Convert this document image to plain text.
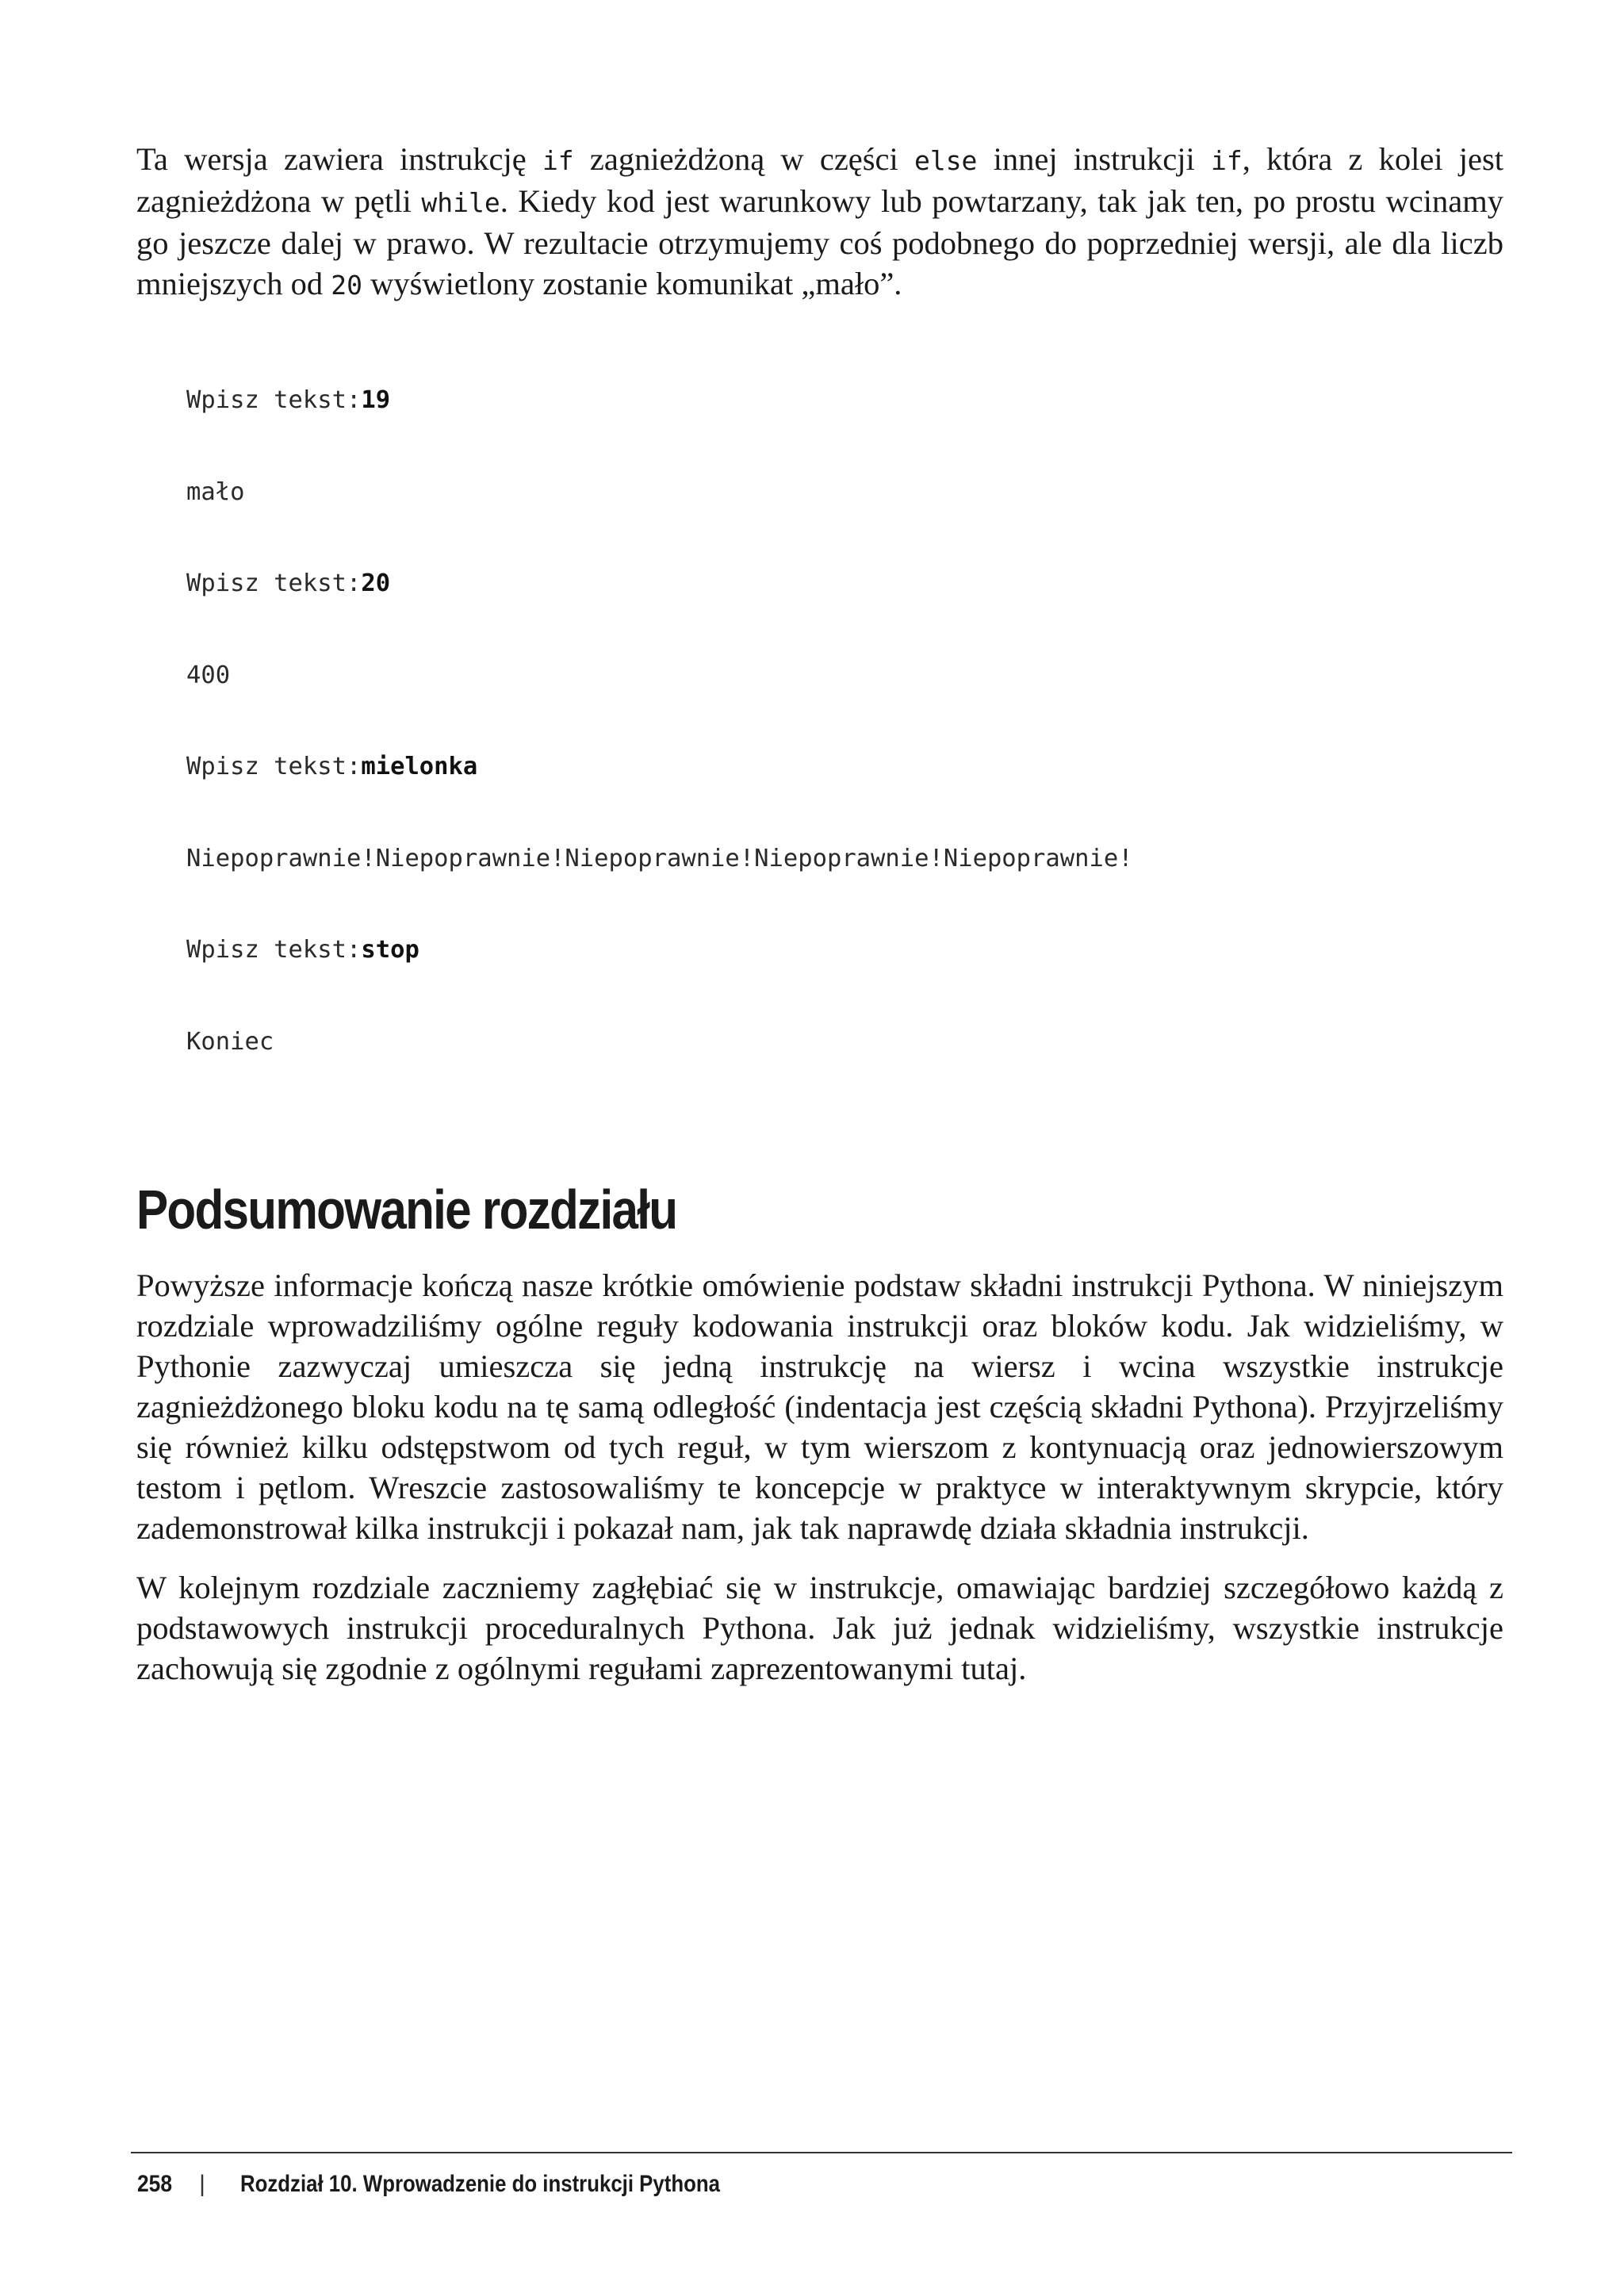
Ta wersja zawiera instrukcję if zagnieżdżoną w części else innej instrukcji if, która z kolei jest zagnieżdżona w pętli while. Kiedy kod jest warunkowy lub powtarzany, tak jak ten, po prostu wcinamy go jeszcze dalej w prawo. W rezultacie otrzymujemy coś podobnego do poprzedniej wersji, ale dla liczb mniejszych od 20 wyświetlony zostanie komunikat „mało”.

Wpisz tekst:19

mało

Wpisz tekst:20

400

Wpisz tekst:mielonka

Niepoprawnie!Niepoprawnie!Niepoprawnie!Niepoprawnie!Niepoprawnie!

Wpisz tekst:stop

Koniec

Podsumowanie rozdziału

Powyższe informacje kończą nasze krótkie omówienie podstaw składni instrukcji Pythona. W niniejszym rozdziale wprowadziliśmy ogólne reguły kodowania instrukcji oraz bloków kodu. Jak widzieliśmy, w Pythonie zazwyczaj umieszcza się jedną instrukcję na wiersz i wcina wszystkie instrukcje zagnieżdżonego bloku kodu na tę samą odległość (indentacja jest częścią składni Pythona). Przyjrzeliśmy się również kilku odstępstwom od tych reguł, w tym wierszom z kontynuacją oraz jednowierszowym testom i pętlom. Wreszcie zastosowaliśmy te koncepcje w praktyce w interaktywnym skrypcie, który zademonstrował kilka instrukcji i pokazał nam, jak tak naprawdę działa składnia instrukcji.

W kolejnym rozdziale zaczniemy zagłębiać się w instrukcje, omawiając bardziej szczegółowo każdą z podstawowych instrukcji proceduralnych Pythona. Jak już jednak widzieliśmy, wszystkie instrukcje zachowują się zgodnie z ogólnymi regułami zaprezentowanymi tutaj.

258 | Rozdział 10. Wprowadzenie do instrukcji Pythona
